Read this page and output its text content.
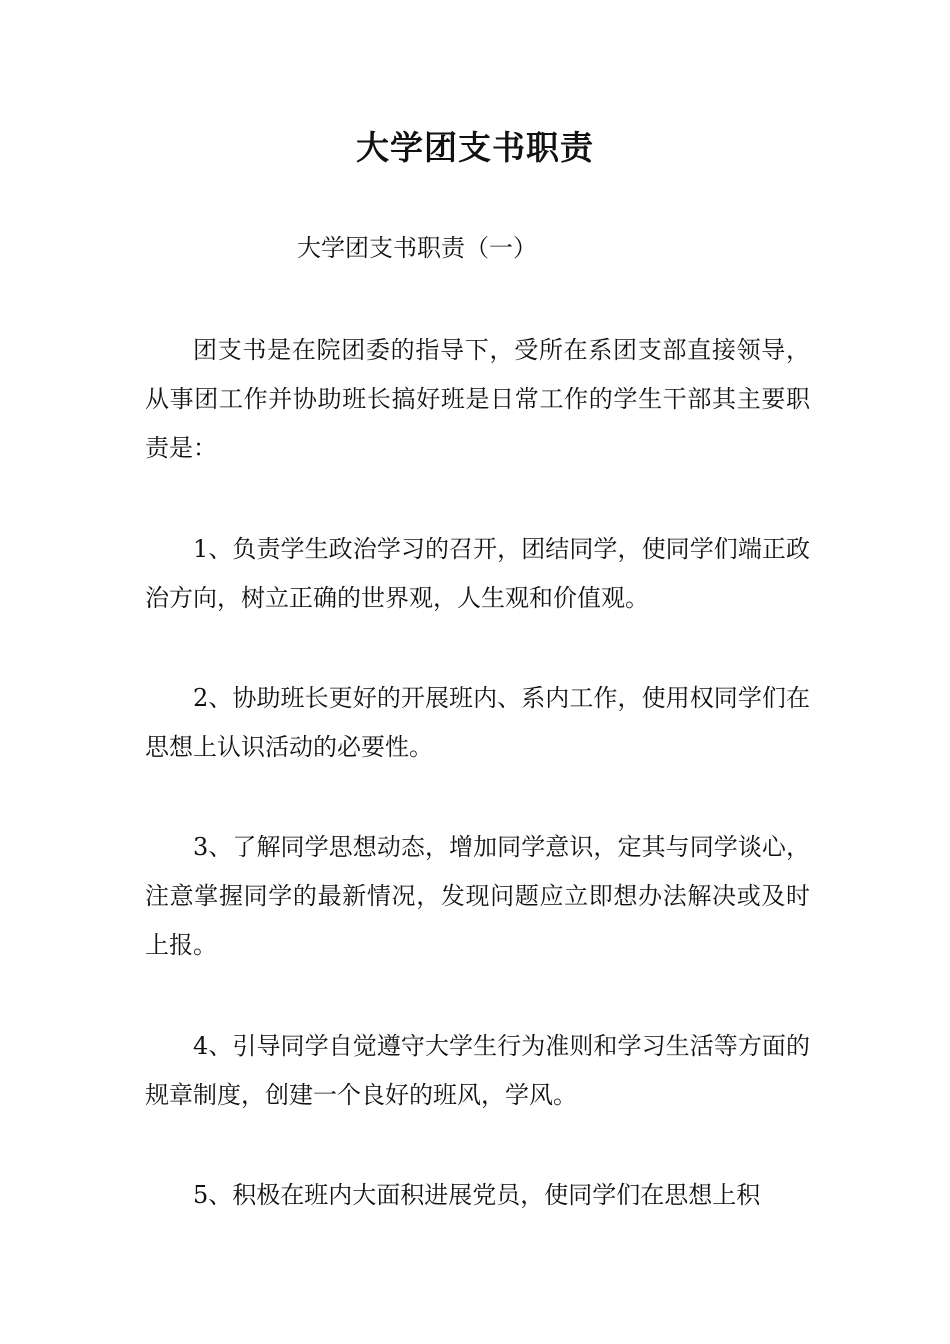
大学团支书职责

大学团支书职责（一）

团支书是在院团委的指导下，受所在系团支部直接领导，从事团工作并协助班长搞好班是日常工作的学生干部其主要职责是：

1、负责学生政治学习的召开，团结同学，使同学们端正政治方向，树立正确的世界观，人生观和价值观。

2、协助班长更好的开展班内、系内工作，使用权同学们在思想上认识活动的必要性。

3、了解同学思想动态，增加同学意识，定其与同学谈心，注意掌握同学的最新情况，发现问题应立即想办法解决或及时上报。

4、引导同学自觉遵守大学生行为准则和学习生活等方面的规章制度，创建一个良好的班风，学风。

5、积极在班内大面积进展党员，使同学们在思想上积
